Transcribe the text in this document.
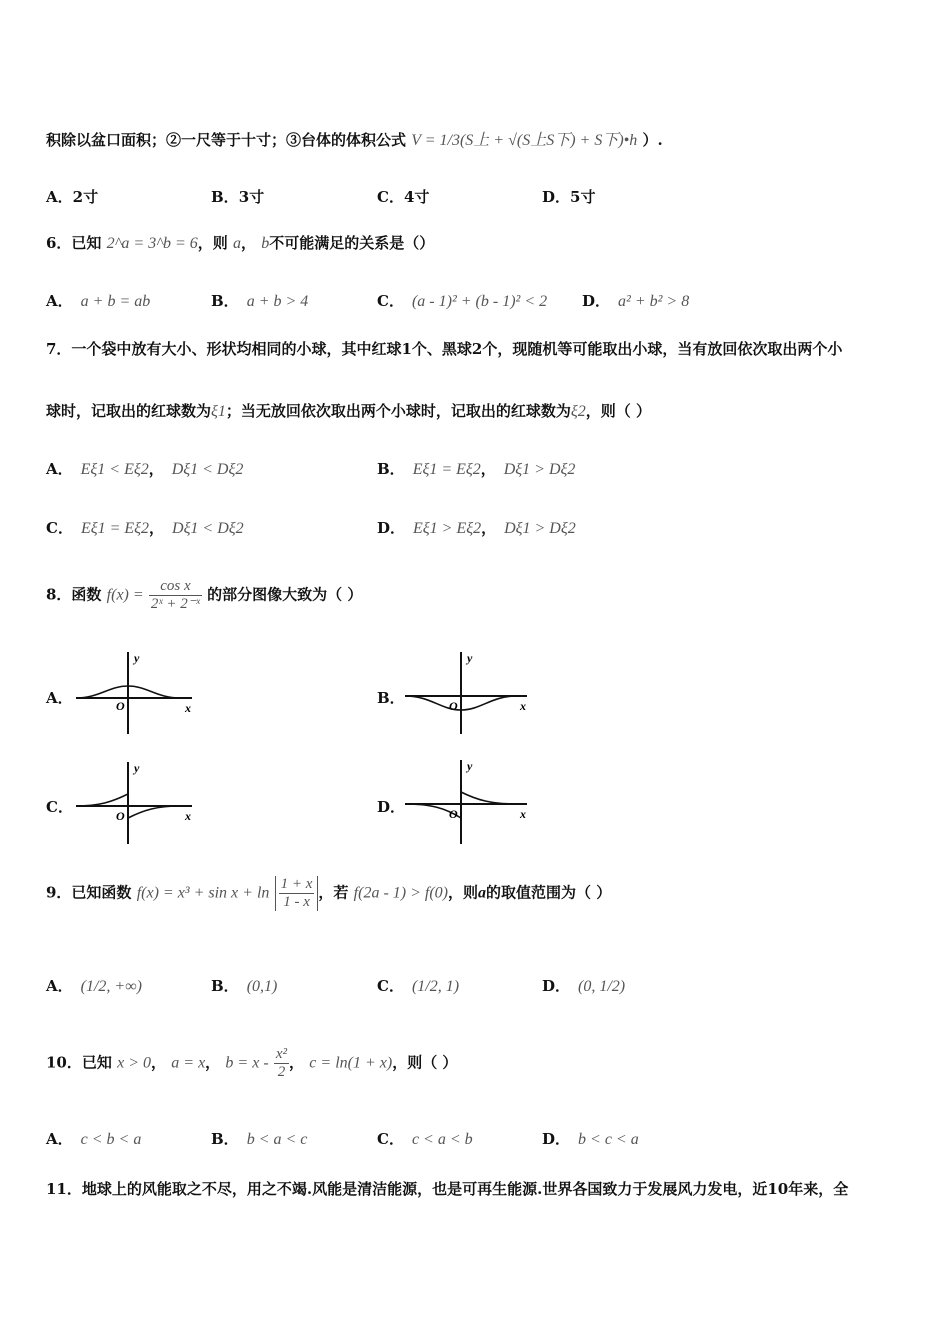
积除以盆口面积；②一尺等于十寸；③台体的体积公式 V = 1/3(S上 + √(S上S下) + S下)•h ）.
A．2寸	B．3寸	C．4寸	D．5寸
6．已知 2^a = 3^b = 6，则 a， b不可能满足的关系是（）
A． a + b = ab	B． a + b > 4	C． (a - 1)² + (b - 1)² < 2 D． a² + b² > 8
7．一个袋中放有大小、形状均相同的小球，其中红球1个、黑球2个，现随机等可能取出小球，当有放回依次取出两个小
球时，记取出的红球数为ξ1；当无放回依次取出两个小球时，记取出的红球数为ξ2，则（ ）
A． Eξ1 < Eξ2， Dξ1 < Dξ2	B． Eξ1 = Eξ2， Dξ1 > Dξ2
C． Eξ1 = Eξ2， Dξ1 < Dξ2	D． Eξ1 > Eξ2， Dξ1 > Dξ2
8．函数 $f(x) = \frac{\text{cos x}}{\text{2ˣ + 2⁻ˣ}}$ 的部分图像大致为（ ）
A．
y
x
O	B．
y
x
O
C．
y
x
O	D．
y
x
O
9．已知函数 $f(x) = x^3 + \sin x + \ln \frac{1 + x}{1 - x}$ ，若 f(2a - 1) > f(0)，则a的取值范围为（ ）
A． (1/2, +∞)	B． (0,1)	C． (1/2, 1)	D． (0, 1/2)
10．已知 x > 0， a = x， $b = x - \frac{\text{x²}}{2}$ ， c = ln(1 + x)，则（ ）
A． c < b < a	B． b < a < c	C． c < a < b	D． b < c < a
11．地球上的风能取之不尽，用之不竭.风能是清洁能源，也是可再生能源.世界各国致力于发展风力发电，近10年来，全
